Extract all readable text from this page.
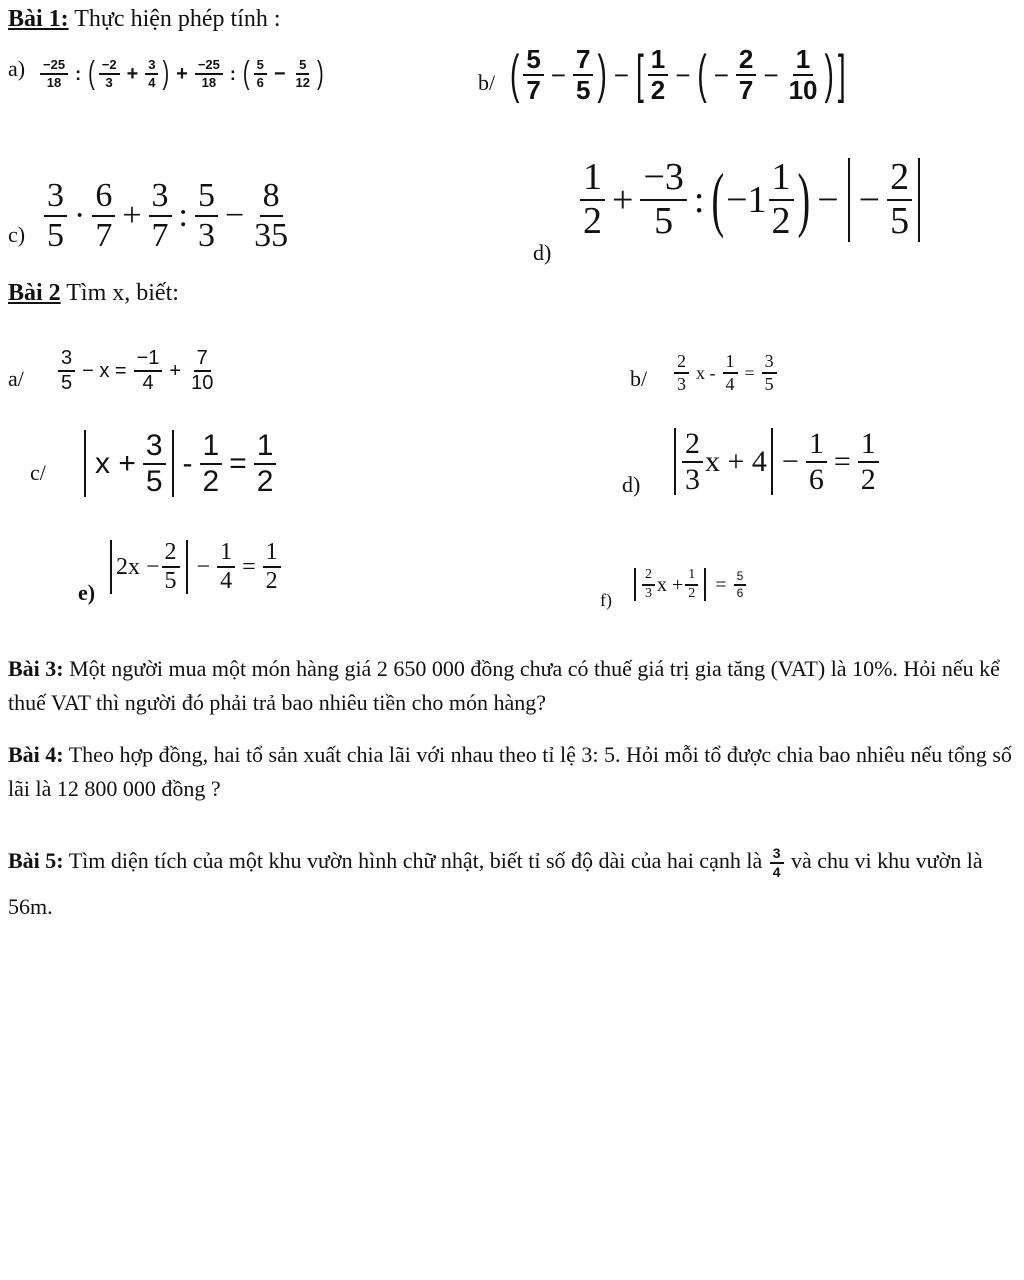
Bài 1: Thực hiện phép tính :
$a) \frac{-25}{18}$ : ( $\frac{-2}{3} + \frac{3}{4}$ ) + $\frac{-25}{18}$ : ( $\frac{5}{6} - \frac{5}{12}$ )	b/ ( $\frac{5}{7} - \frac{7}{5}$ ) − [ $\frac{1}{2}$ − ( − $\frac{2}{7} - \frac{1}{10}$ ) ]
$c) \frac{3}{5} \cdot \frac{6}{7} + \frac{3}{7}$ : $\frac{5}{3} - \frac{8}{35}$	d)
$\frac{1}{2} + \frac{-3}{5}$ : ( $-1 \frac{1}{2}$ ) − − $\frac{2}{5}$
Bài 2 Tìm x, biết:
$a/ \frac{3}{5} - x = \frac{-1}{4} + \frac{7}{10}$	$b/ \frac{2}{3}$ $x - \frac{1}{4} = \frac{3}{5}$
c/ $x + \frac{3}{5} - \frac{1}{2} = \frac{1}{2}$	$d) \frac{2}{3}$ $x + 4 - \frac{1}{6} = \frac{1}{2}$
e)
$2x - \frac{2}{5} - \frac{1}{4} = \frac{1}{2}$
$f) \frac{2}{3}$ $x + \frac{1}{2} = \frac{5}{6}$
Bài 3: Một người mua một món hàng giá 2 650 000 đồng chưa có thuế giá trị gia tăng (VAT) là 10%. Hỏi nếu kể thuế VAT thì người đó phải trả bao nhiêu tiền cho món hàng?
Bài 4: Theo hợp đồng, hai tổ sản xuất chia lãi với nhau theo tỉ lệ 3: 5. Hỏi mỗi tổ được chia bao nhiêu nếu tổng số lãi là 12 800 000 đồng ?
Bài 5: Tìm diện tích của một khu vườn hình chữ nhật, biết tỉ số độ dài của hai cạnh là $\frac{3}{4}$ và chu vi khu vườn là 56m.
